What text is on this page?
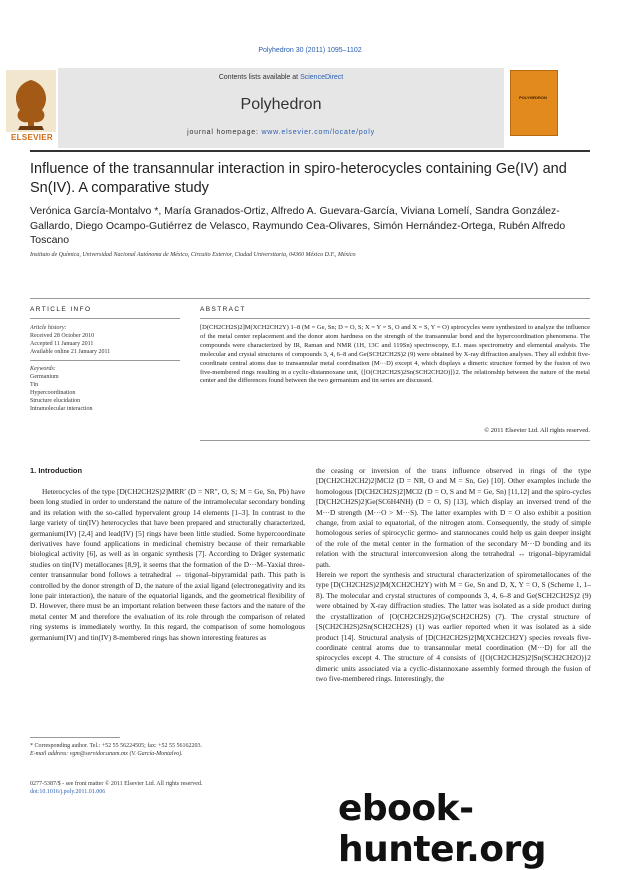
Polyhedron 30 (2011) 1095–1102
ELSEVIER
Contents lists available at ScienceDirect
Polyhedron
journal homepage: www.elsevier.com/locate/poly
POLYHEDRON
Influence of the transannular interaction in spiro-heterocycles containing Ge(IV) and Sn(IV). A comparative study
Verónica García-Montalvo *, María Granados-Ortiz, Alfredo A. Guevara-García, Viviana Lomelí, Sandra González-Gallardo, Diego Ocampo-Gutiérrez de Velasco, Raymundo Cea-Olivares, Simón Hernández-Ortega, Rubén Alfredo Toscano
Instituto de Química, Universidad Nacional Autónoma de México, Circuito Exterior, Ciudad Universitaria, 04360 México D.F., México
ARTICLE INFO
Article history:
Received 28 October 2010
Accepted 11 January 2011
Available online 21 January 2011
Keywords:
Germanium
Tin
Hypercoordination
Structure elucidation
Intramolecular interaction
ABSTRACT
[D(CH2CH2S)2]M(XCH2CH2Y) 1–8 (M = Ge, Sn; D = O, S; X = Y = S, O and X = S, Y = O) spirocycles were synthesized to analyze the influence of the metal center replacement and the donor atom hardness on the strength of the transannular bond and the hypercoordination phenomena. The compounds were characterized by IR, Raman and NMR (1H, 13C and 119Sn) spectroscopy, E.I. mass spectrometry and elemental analysis. The molecular and crystal structures of compounds 3, 4, 6–8 and Ge(SCH2CH2S)2 (9) were obtained by X-ray diffraction analyses. They all exhibit five-coordinate central atoms due to transannular metal coordination (M···D) except 4, which displays a dimeric structure formed by the fusion of two five-membered rings resulting in a cyclic-distannoxane unit, {[O(CH2CH2S)2Sn(SCH2CH2O)]}2. The relationship between the nature of the metal center and the differences found between the two germanium and tin series are discussed.
© 2011 Elsevier Ltd. All rights reserved.
1. Introduction
Heterocycles of the type [D(CH2CH2S)2]MRR′ (D = NR″, O, S; M = Ge, Sn, Pb) have been long studied in order to understand the nature of the intramolecular secondary bonding and its relation with the so-called hypervalent group 14 elements [1–3]. In contrast to the large variety of tin(IV) heterocycles that have been prepared and structurally characterized, germanium(IV) [2,4] and lead(IV) [5] rings have been little studied. Some hypercoordinate derivatives have found applications in medicinal chemistry because of their remarkable biological activity [6], as well as in organic synthesis [7]. According to Dräger systematic studies on tin(IV) metallocanes [8,9], it seems that the formation of the D···M–Yaxial three-center transannular bond follows a tetrahedral ↔ trigonal–bipyramidal path. This path is controlled by the donor strength of D, the nature of the axial ligand (electronegativity and its lone pair interaction), the nature of the equatorial ligands, and the geometrical flexibility of D. However, there must be an important relation between these factors and the nature of the metal center M and therefore the evaluation of its role through the comparison of related ring systems is immediately worthy. In this regard, the comparison of some homologous germanium(IV) and tin(IV) 8-membered rings has shown interesting features as
the ceasing or inversion of the trans influence observed in rings of the type [D(CH2CH2CH2)2]MCl2 (D = NR, O and M = Sn, Ge) [10]. Other examples include the homologous [D(CH2CH2S)2]MCl2 (D = O, S and M = Ge, Sn) [11,12] and the spiro-cycles [D(CH2CH2S)2]Ge(SC6H4NH) (D = O, S) [13], which display an inversed trend of the M···D strength (M···O > M···S). The latter examples with D = O also exhibit a position change, from axial to equatorial, of the nitrogen atom. Consequently, the study of simple homologous series of spirocyclic germo- and stannocanes could help us gain deeper insight of the role of the metal center in the formation of the secondary M···D bonding and its relation with the structural interconversion along the tetrahedral ↔ trigonal–bipyramidal path.
Herein we report the synthesis and structural characterization of spirometallocanes of the type [D(CH2CH2S)2]M(XCH2CH2Y) with M = Ge, Sn and D, X, Y = O, S (Scheme 1, 1–8). The molecular and crystal structures of compounds 3, 4, 6–8 and Ge(SCH2CH2S)2 (9) were obtained by X-ray diffraction studies. The latter was isolated as a side product during the crystallization of [O(CH2CH2S)2]Ge(SCH2CH2S) (7). The crystal structure of [S(CH2CH2S)2Sn(SCH2CH2S) (1) was earlier reported when it was isolated as a side product [14]. Structural analysis of [D(CH2CH2S)2]M(XCH2CH2Y) species reveals five-coordinate central atoms due to transannular metal coordination (M···D) for all the spirocycles except 4. The structure of 4 consists of {[O(CH2CH2S)2]Sn(SCH2CH2O)}2 dimeric units associated via a cyclic-distannoxane assembly formed through the fusion of two five-membered rings. Interestingly, the
* Corresponding author. Tel.: +52 55 56224505; fax: +52 55 56162203.
E-mail address: vgm@servidor.unam.mx (V. García-Montalvo).
0277-5387/$ - see front matter © 2011 Elsevier Ltd. All rights reserved.
doi:10.1016/j.poly.2011.01.006	ebook-hunter.org
